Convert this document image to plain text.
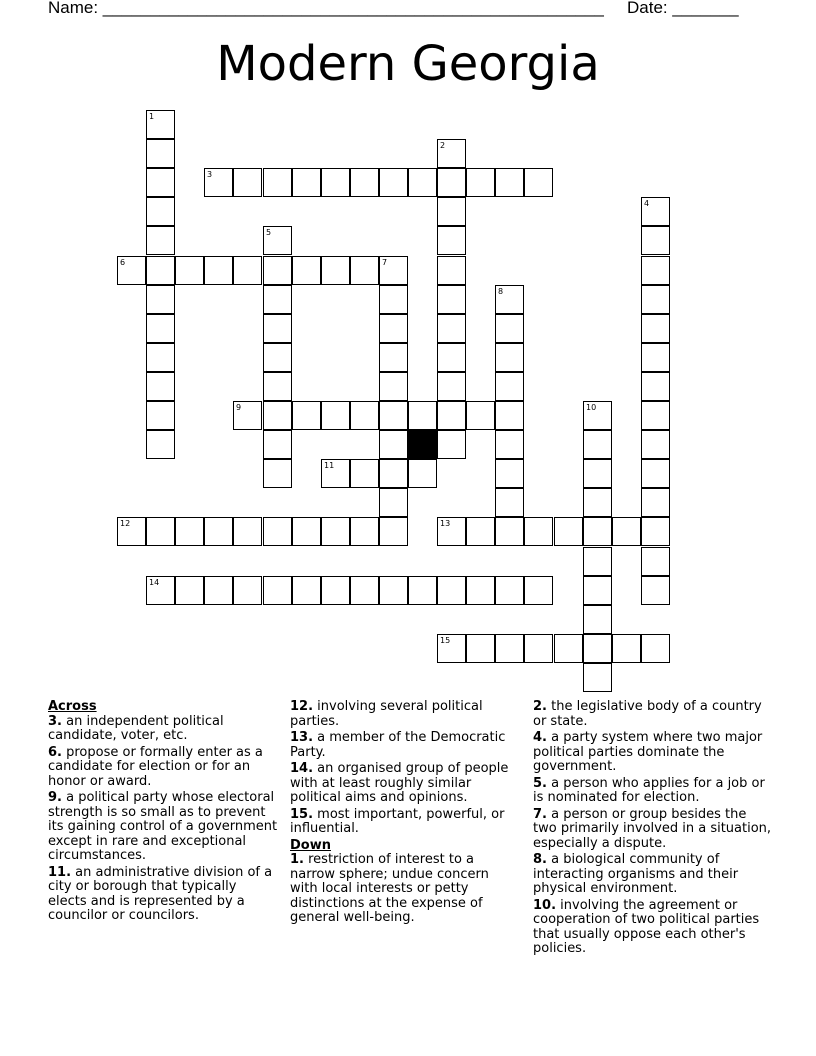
Name: _____________________________________________________ Date: _______
Modern Georgia
1
2
3
4
5
6	7
8
9	10
11
12	13
14
15
Across
3. an independent political candidate, voter, etc.
6. propose or formally enter as a candidate for election or for an honor or award.
9. a political party whose electoral strength is so small as to prevent its gaining control of a government except in rare and exceptional circumstances.
11. an administrative division of a city or borough that typically elects and is represented by a councilor or councilors.
12. involving several political parties.
13. a member of the Democratic Party.
14. an organised group of people with at least roughly similar political aims and opinions.
15. most important, powerful, or influential.
Down
1. restriction of interest to a narrow sphere; undue concern with local interests or petty distinctions at the expense of general well-being.
2. the legislative body of a country or state.
4. a party system where two major political parties dominate the government.
5. a person who applies for a job or is nominated for election.
7. a person or group besides the two primarily involved in a situation, especially a dispute.
8. a biological community of interacting organisms and their physical environment.
10. involving the agreement or cooperation of two political parties that usually oppose each other's policies.
